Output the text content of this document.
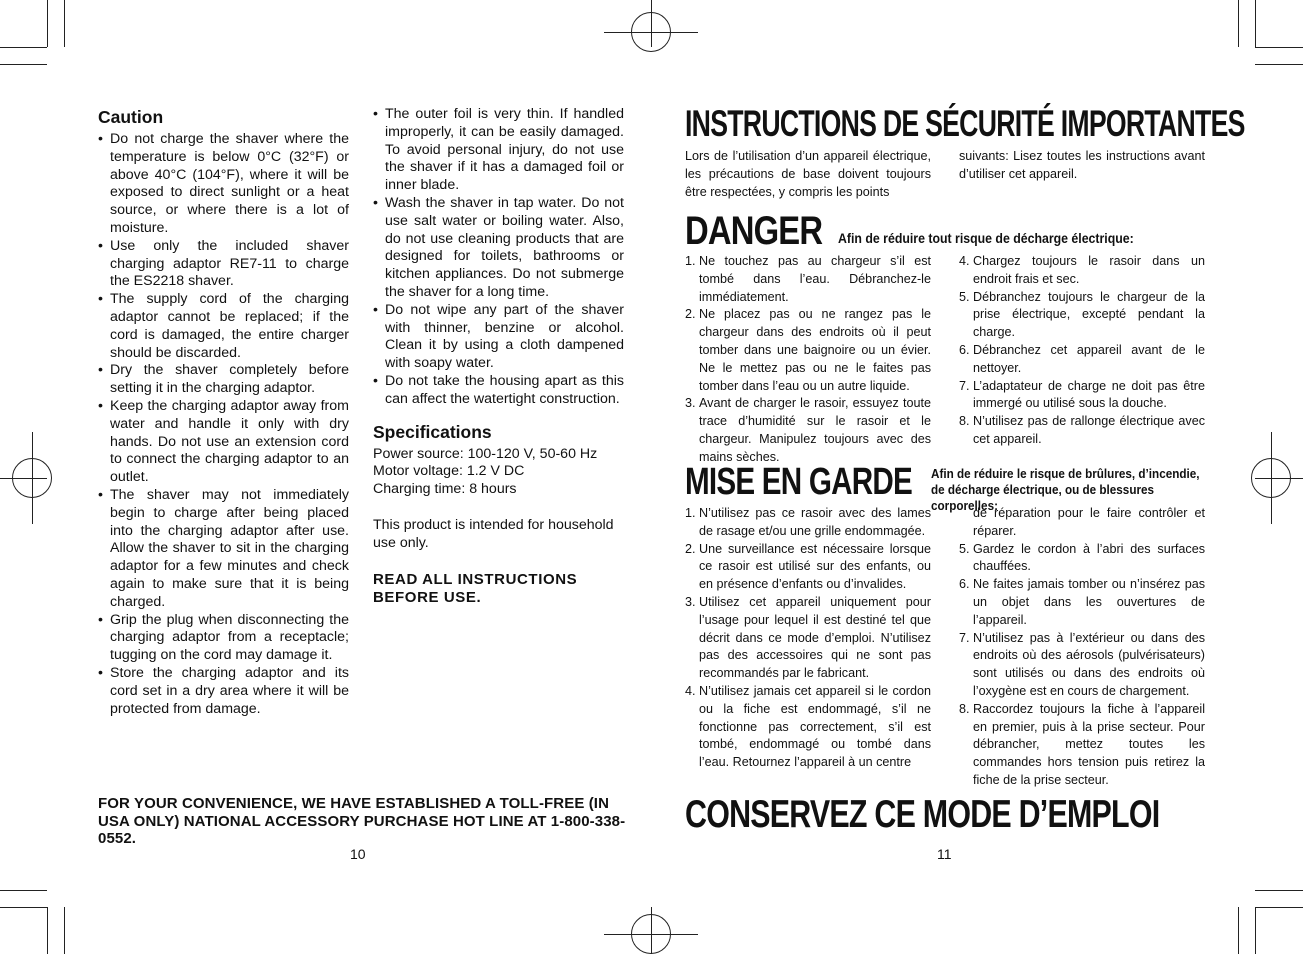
Caution
• Do not charge the shaver where the temperature is below 0°C (32°F) or above 40°C (104°F), where it will be exposed to direct sunlight or a heat source, or where there is a lot of moisture.
• Use only the included shaver charging adaptor RE7-11 to charge the ES2218 shaver.
• The supply cord of the charging adaptor cannot be replaced; if the cord is damaged, the entire charger should be discarded.
• Dry the shaver completely before setting it in the charging adaptor.
• Keep the charging adaptor away from water and handle it only with dry hands. Do not use an extension cord to connect the charging adaptor to an outlet.
• The shaver may not immediately begin to charge after being placed into the charging adaptor after use. Allow the shaver to sit in the charging adaptor for a few minutes and check again to make sure that it is being charged.
• Grip the plug when disconnecting the charging adaptor from a receptacle; tugging on the cord may damage it.
• Store the charging adaptor and its cord set in a dry area where it will be protected from damage.
• The outer foil is very thin. If handled improperly, it can be easily damaged. To avoid personal injury, do not use the shaver if it has a damaged foil or inner blade.
• Wash the shaver in tap water. Do not use salt water or boiling water. Also, do not use cleaning products that are designed for toilets, bathrooms or kitchen appliances. Do not submerge the shaver for a long time.
• Do not wipe any part of the shaver with thinner, benzine or alcohol. Clean it by using a cloth dampened with soapy water.
• Do not take the housing apart as this can affect the watertight construction.
Specifications
Power source: 100-120 V, 50-60 Hz
Motor voltage: 1.2 V DC
Charging time: 8 hours
This product is intended for household use only.
READ ALL INSTRUCTIONS BEFORE USE.
FOR YOUR CONVENIENCE, WE HAVE ESTABLISHED A TOLL-FREE (IN USA ONLY) NATIONAL ACCESSORY PURCHASE HOT LINE AT 1-800-338-0552.
10
INSTRUCTIONS DE SÉCURITÉ IMPORTANTES
Lors de l’utilisation d’un appareil électrique, les précautions de base doivent toujours être respectées, y compris les points
suivants: Lisez toutes les instructions avant d’utiliser cet appareil.
DANGER Afin de réduire tout risque de décharge électrique:
1. Ne touchez pas au chargeur s’il est tombé dans l’eau. Débranchez-le immédiatement.
2. Ne placez pas ou ne rangez pas le chargeur dans des endroits où il peut tomber dans une baignoire ou un évier. Ne le mettez pas ou ne le faites pas tomber dans l’eau ou un autre liquide.
3. Avant de charger le rasoir, essuyez toute trace d’humidité sur le rasoir et le chargeur. Manipulez toujours avec des mains sèches.
4. Chargez toujours le rasoir dans un endroit frais et sec.
5. Débranchez toujours le chargeur de la prise électrique, excepté pendant la charge.
6. Débranchez cet appareil avant de le nettoyer.
7. L’adaptateur de charge ne doit pas être immergé ou utilisé sous la douche.
8. N’utilisez pas de rallonge électrique avec cet appareil.
MISE EN GARDE Afin de réduire le risque de brûlures, d’incendie, de décharge électrique, ou de blessures corporelles:
1. N’utilisez pas ce rasoir avec des lames de rasage et/ou une grille endommagée.
2. Une surveillance est nécessaire lorsque ce rasoir est utilisé sur des enfants, ou en présence d’enfants ou d’invalides.
3. Utilisez cet appareil uniquement pour l’usage pour lequel il est destiné tel que décrit dans ce mode d’emploi. N’utilisez pas des accessoires qui ne sont pas recommandés par le fabricant.
4. N’utilisez jamais cet appareil si le cordon ou la fiche est endommagé, s’il ne fonctionne pas correctement, s’il est tombé, endommagé ou tombé dans l’eau. Retournez l’appareil à un centre

de réparation pour le faire contrôler et réparer.

5. Gardez le cordon à l’abri des surfaces chauffées.
6. Ne faites jamais tomber ou n’insérez pas un objet dans les ouvertures de l’appareil.
7. N’utilisez pas à l’extérieur ou dans des endroits où des aérosols (pulvérisateurs) sont utilisés ou dans des endroits où l’oxygène est en cours de chargement.
8. Raccordez toujours la fiche à l’appareil en premier, puis à la prise secteur. Pour débrancher, mettez toutes les commandes hors tension puis retirez la fiche de la prise secteur.
CONSERVEZ CE MODE D’EMPLOI
11
